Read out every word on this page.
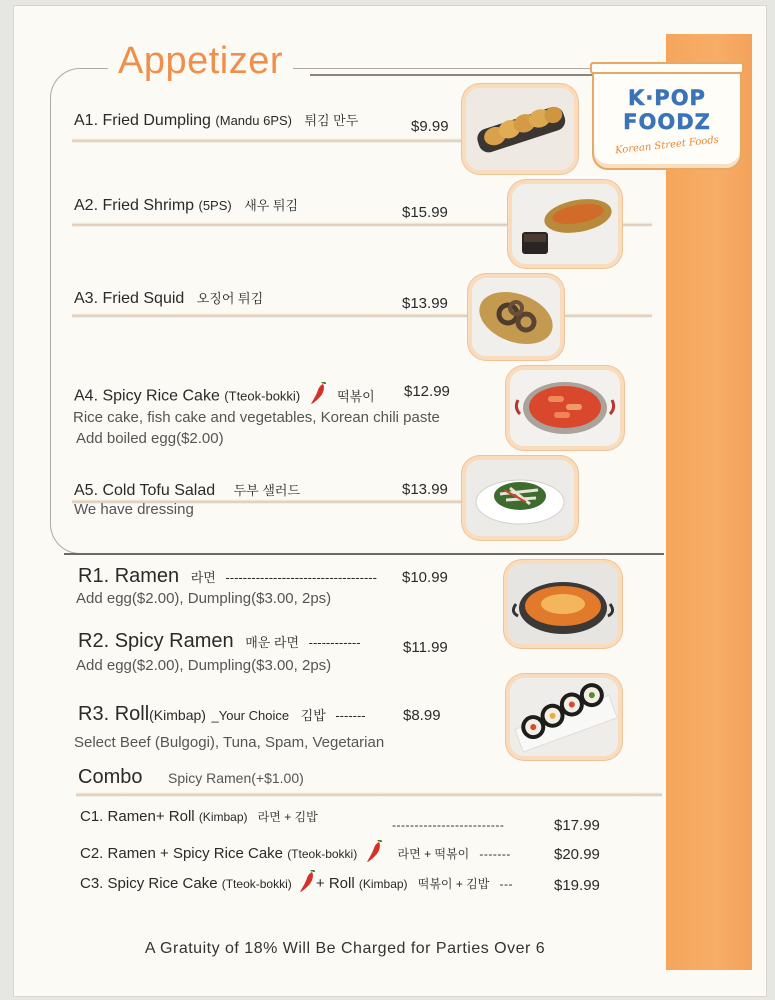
Appetizer
K·POP
FOODZ
Korean Street Foods
A1. Fried Dumpling (Mandu 6PS) 튀김 만두	$9.99
A2. Fried Shrimp (5PS) 새우 튀김	$15.99
A3. Fried Squid 오징어 튀김	$13.99
A4. Spicy Rice Cake (Tteok-bokki)	떡볶이 $12.99
Rice cake, fish cake and vegetables, Korean chili paste
Add boiled egg($2.00)
A5. Cold Tofu Salad 두부 샐러드	$13.99
We have dressing
R1. Ramen 라면 ----------------------------------- $10.99
Add egg($2.00), Dumpling($3.00, 2ps)
R2. Spicy Ramen 매운 라면 ------------	$11.99
Add egg($2.00), Dumpling($3.00, 2ps)
R3. Roll(Kimbap) _Your Choice 김밥 ------- $8.99
Select Beef (Bulgogi), Tuna, Spam, Vegetarian
Combo Spicy Ramen(+$1.00)
C1. Ramen+ Roll (Kimbap) 라면 + 김밥
-------------------------	$17.99
C2. Ramen + Spicy Rice Cake (Tteok-bokki)	라면 + 떡볶이 -------	$20.99
C3. Spicy Rice Cake (Tteok-bokki) + Roll (Kimbap) 떡볶이 + 김밥 ---	$19.99
A Gratuity of 18% Will Be Charged for Parties Over 6
